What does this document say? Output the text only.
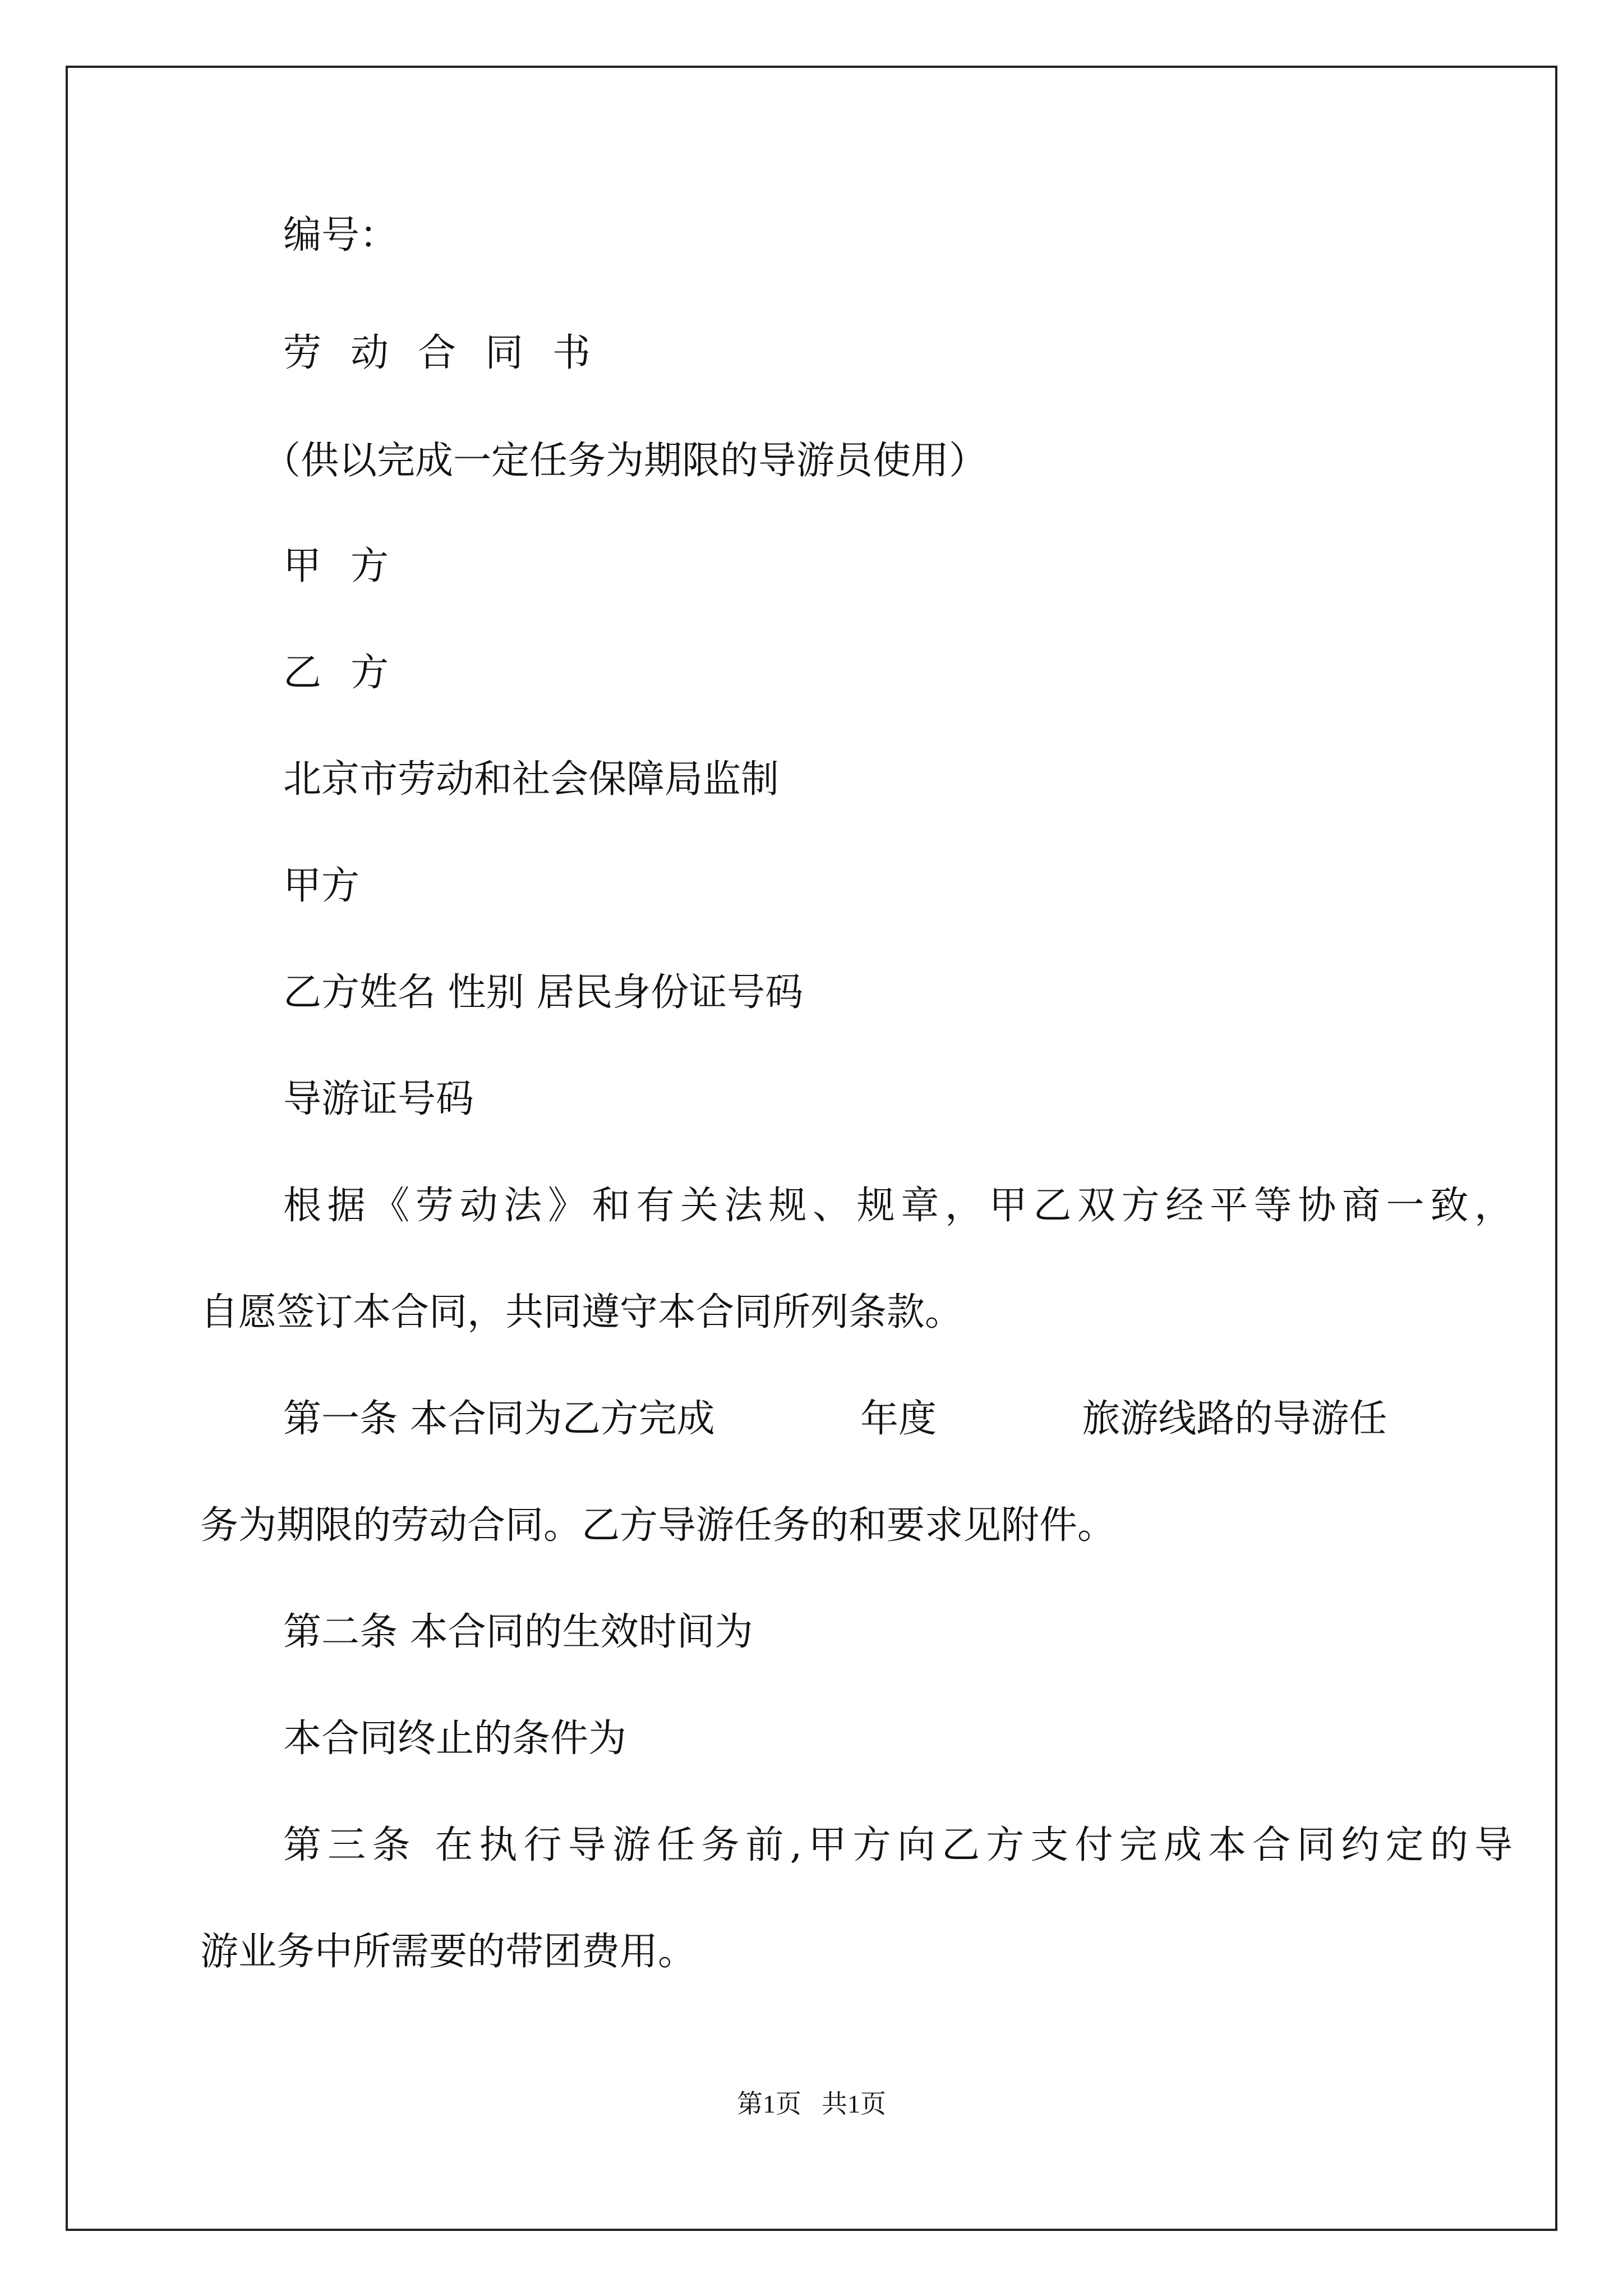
编号：
劳动合同书
（供以完成一定任务为期限的导游员使用）
甲方
乙方
北京市劳动和社会保障局监制
甲方
乙方姓名 性别 居民身份证号码
导游证号码
根据《劳动法》和有关法规、规章，甲乙双方经平等协商一致，
自愿签订本合同，共同遵守本合同所列条款。
第一条 本合同为乙方完成            年度            旅游线路的导游任
务为期限的劳动合同。乙方导游任务的和要求见附件。
第二条 本合同的生效时间为
本合同终止的条件为
第三条 在执行导游任务前,甲方向乙方支付完成本合同约定的导
游业务中所需要的带团费用。
第1页 共1页
